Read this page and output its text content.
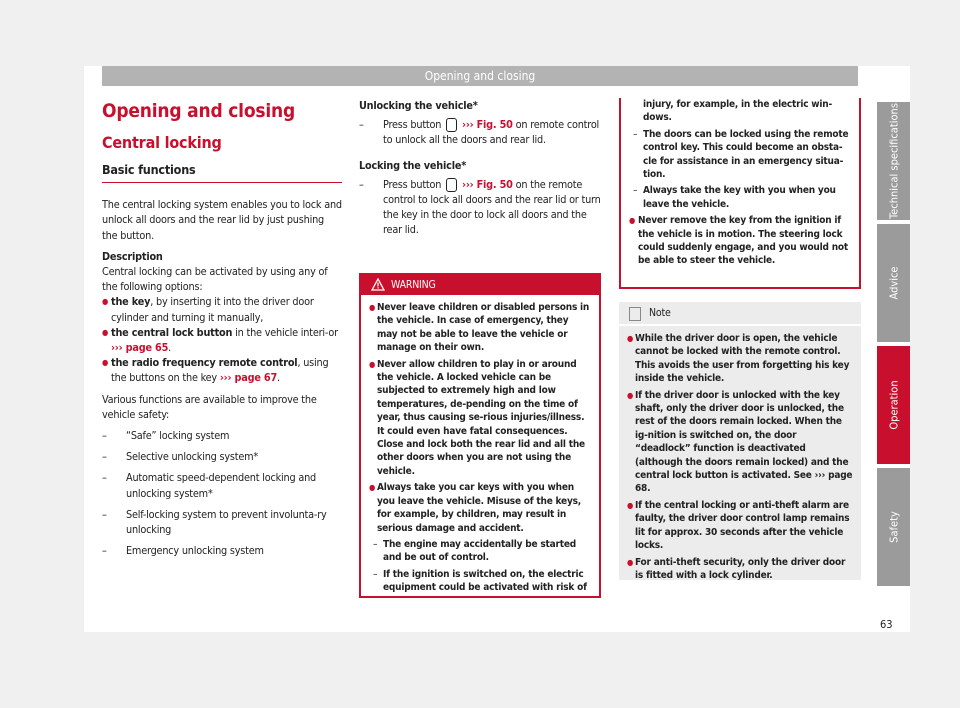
Opening and closing
Opening and closing
Central locking
Basic functions

The central locking system enables you to lock and unlock all doors and the rear lid by just pushing the button.

Description

Central locking can be activated by using any of the following options:

● the key, by inserting it into the driver door cylinder and turning it manually,
● the central lock button in the vehicle interi-or ››› page 65.
● the radio frequency remote control, using the buttons on the key ››› page 67.

Various functions are available to improve the vehicle safety:

– “Safe” locking system
– Selective unlocking system*
– Automatic speed-dependent locking and unlocking system*
– Self-locking system to prevent involunta-ry unlocking
– Emergency unlocking system

Unlocking the vehicle*

– Press button ››› Fig. 50 on remote control to unlock all the doors and rear lid.

Locking the vehicle*

– Press button ››› Fig. 50 on the remote control to lock all doors and the rear lid or turn the key in the door to lock all doors and the rear lid.
WARNING
● Never leave children or disabled persons in the vehicle. In case of emergency, they may not be able to leave the vehicle or manage on their own.
● Never allow children to play in or around the vehicle. A locked vehicle can be subjected to extremely high and low temperatures, de-pending on the time of year, thus causing se-rious injuries/illness. It could even have fatal consequences. Close and lock both the rear lid and all the other doors when you are not using the vehicle.
● Always take you car keys with you when you leave the vehicle. Misuse of the keys, for example, by children, may result in serious damage and accident.
– The engine may accidentally be started and be out of control.
– If the ignition is switched on, the electric equipment could be activated with risk of
injury, for example, in the electric win-dows.
– The doors can be locked using the remote control key. This could become an obsta-cle for assistance in an emergency situa-tion.
– Always take the key with you when you leave the vehicle.
● Never remove the key from the ignition if the vehicle is in motion. The steering lock could suddenly engage, and you would not be able to steer the vehicle.
Note
● While the driver door is open, the vehicle cannot be locked with the remote control. This avoids the user from forgetting his key inside the vehicle.
● If the driver door is unlocked with the key shaft, only the driver door is unlocked, the rest of the doors remain locked. When the ig-nition is switched on, the door “deadlock” function is deactivated (although the doors remain locked) and the central lock button is activated. See ››› page 68.
● If the central locking or anti-theft alarm are faulty, the driver door control lamp remains lit for approx. 30 seconds after the vehicle locks.
● For anti-theft security, only the driver door is fitted with a lock cylinder.
Technical specifications
Advice
Operation
Safety
63
